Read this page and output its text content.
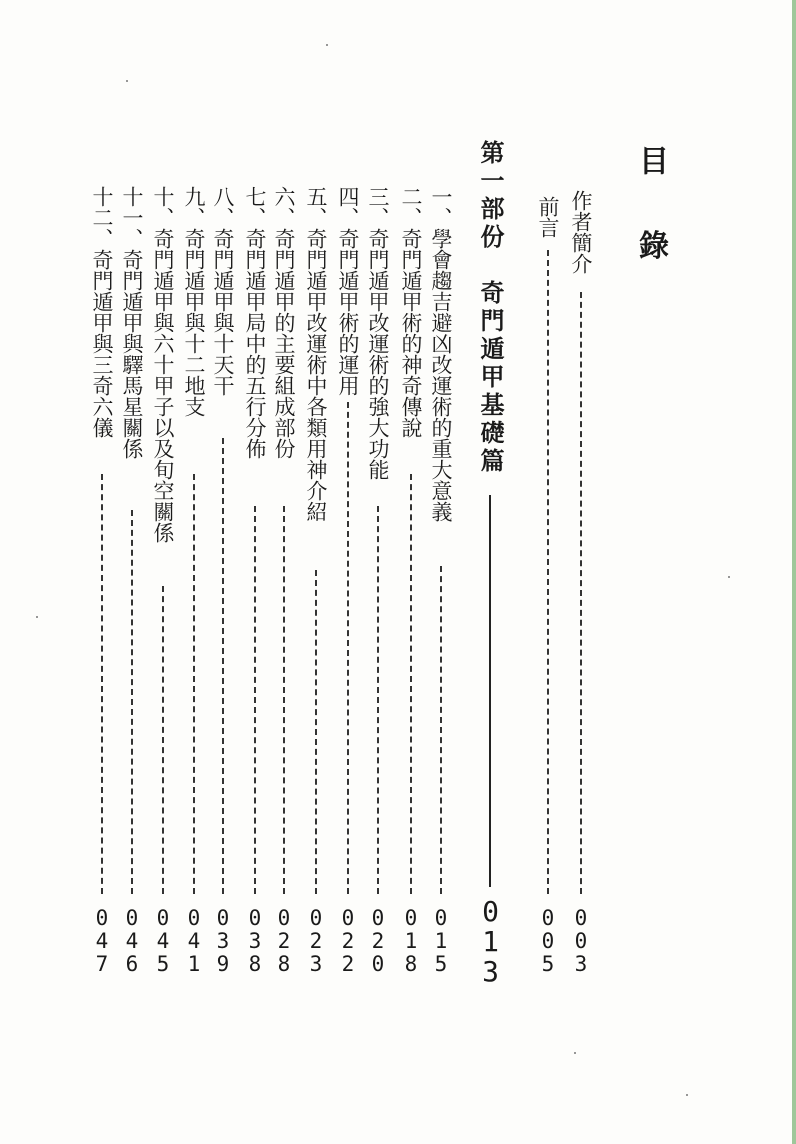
目 錄
作者簡介
003
前言
005
第一部份　奇門遁甲基礎篇
013
一、學會趨吉避凶改運術的重大意義
015
二、奇門遁甲術的神奇傳說
018
三、奇門遁甲改運術的強大功能
020
四、奇門遁甲術的運用
022
五、奇門遁甲改運術中各類用神介紹
023
六、奇門遁甲的主要組成部份
028
七、奇門遁甲局中的五行分佈
038
八、奇門遁甲與十天干
039
九、奇門遁甲與十二地支
041
十、奇門遁甲與六十甲子以及旬空關係
045
十一、奇門遁甲與驛馬星關係
046
十二、奇門遁甲與三奇六儀
047
